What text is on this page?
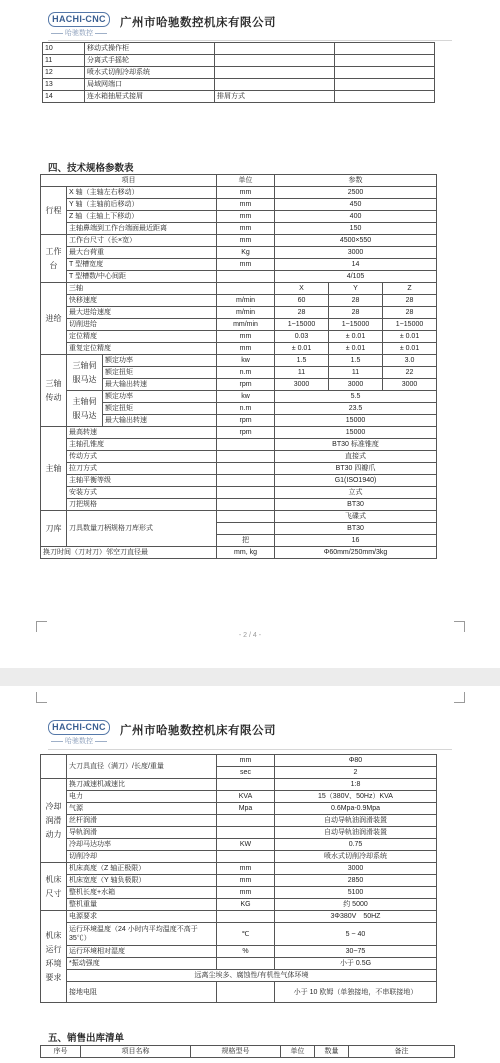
HACHI-CNC
哈驰数控
广州市哈驰数控机床有限公司
10	移动式操作柜		
11	分离式手摇轮		
12	喷水式切削冷却系统		
13	局域网端口		
14	连水箱抽屉式接屑	排屑方式	
四、技术规格参数表
项目			单位	参数		
行程	X 轴（主轴左右移动）		mm	2500		
	Y 轴（主轴前后移动）		mm	450		
	Z 轴（主轴上下移动）		mm	400		
	主轴鼻端到工作台端面最近距离		mm	150		
工作台	工作台尺寸（长×宽）		mm	4500×550		
	最大台荷重		Kg	3000		
	T 型槽宽度		mm	14		
	T 型槽数/中心间距			4/105		
进给	三轴			X	Y	Z
	快移速度		m/min	60	28	28
	最大进给速度		m/min	28	28	28
	切削进给		mm/min	1~15000	1~15000	1~15000
	定位精度		mm	0.03	± 0.01	± 0.01
	重复定位精度		mm	± 0.01	± 0.01	± 0.01
三轴传动	三轴伺服马达	额定功率	kw	1.5	1.5	3.0
		额定扭矩	n.m	11	11	22
		最大输出转速	rpm	3000	3000	3000
	主轴伺服马达	额定功率	kw	5.5		
		额定扭矩	n.m	23.5		
		最大输出转速	rpm	15000		
主轴	最高转速		rpm	15000		
	主轴孔锥度			BT30 标准锥度		
	传动方式			直接式		
	拉刀方式			BT30 四瓣爪		
	主轴平衡等级			G1(ISO1940)		
	安装方式			立式		
	刀把规格			BT30		
刀库	刀具数量刀柄规格刀库形式			飞碟式		
				BT30		
			把	16		
换刀时间（刀对刀）邻空刀直径最			mm, kg	Φ60mm/250mm/3kg		
- 2 / 4 -
HACHI-CNC
哈驰数控
广州市哈驰数控机床有限公司
	大刀具直径（满刀）/长度/重量	mm	Φ80
		sec	2
冷却润滑动力	换刀减速机减速比		1:8
	电力	KVA	15（380V、50Hz）KVA
	气源	Mpa	0.6Mpa-0.9Mpa
	丝杆润滑		自动导轨油润滑装置
	导轨润滑		自动导轨油润滑装置
	冷却马达功率	KW	0.75
	切削冷却		喷水式切削冷却系统
机床尺寸	机床高度（Z 轴正极限）	mm	3000
	机床宽度（Y 轴负极限）	mm	2850
	整机长度+水箱	mm	5100
	整机重量	KG	约 5000
机床运行环境要求	电源要求		3Φ380V　50HZ
	运行环境温度（24 小时内平均温度不高于 35℃）	℃	5 ~ 40
	运行环境相对湿度	%	30~75
	*振动强度		小于 0.5G
	远离尘埃多、腐蚀性/有机性气体环境		
	接地电阻		小于 10 欧姆（单独接地，不串联接地）
五、销售出库清单
序号	项目名称	规格型号	单位	数量	备注
